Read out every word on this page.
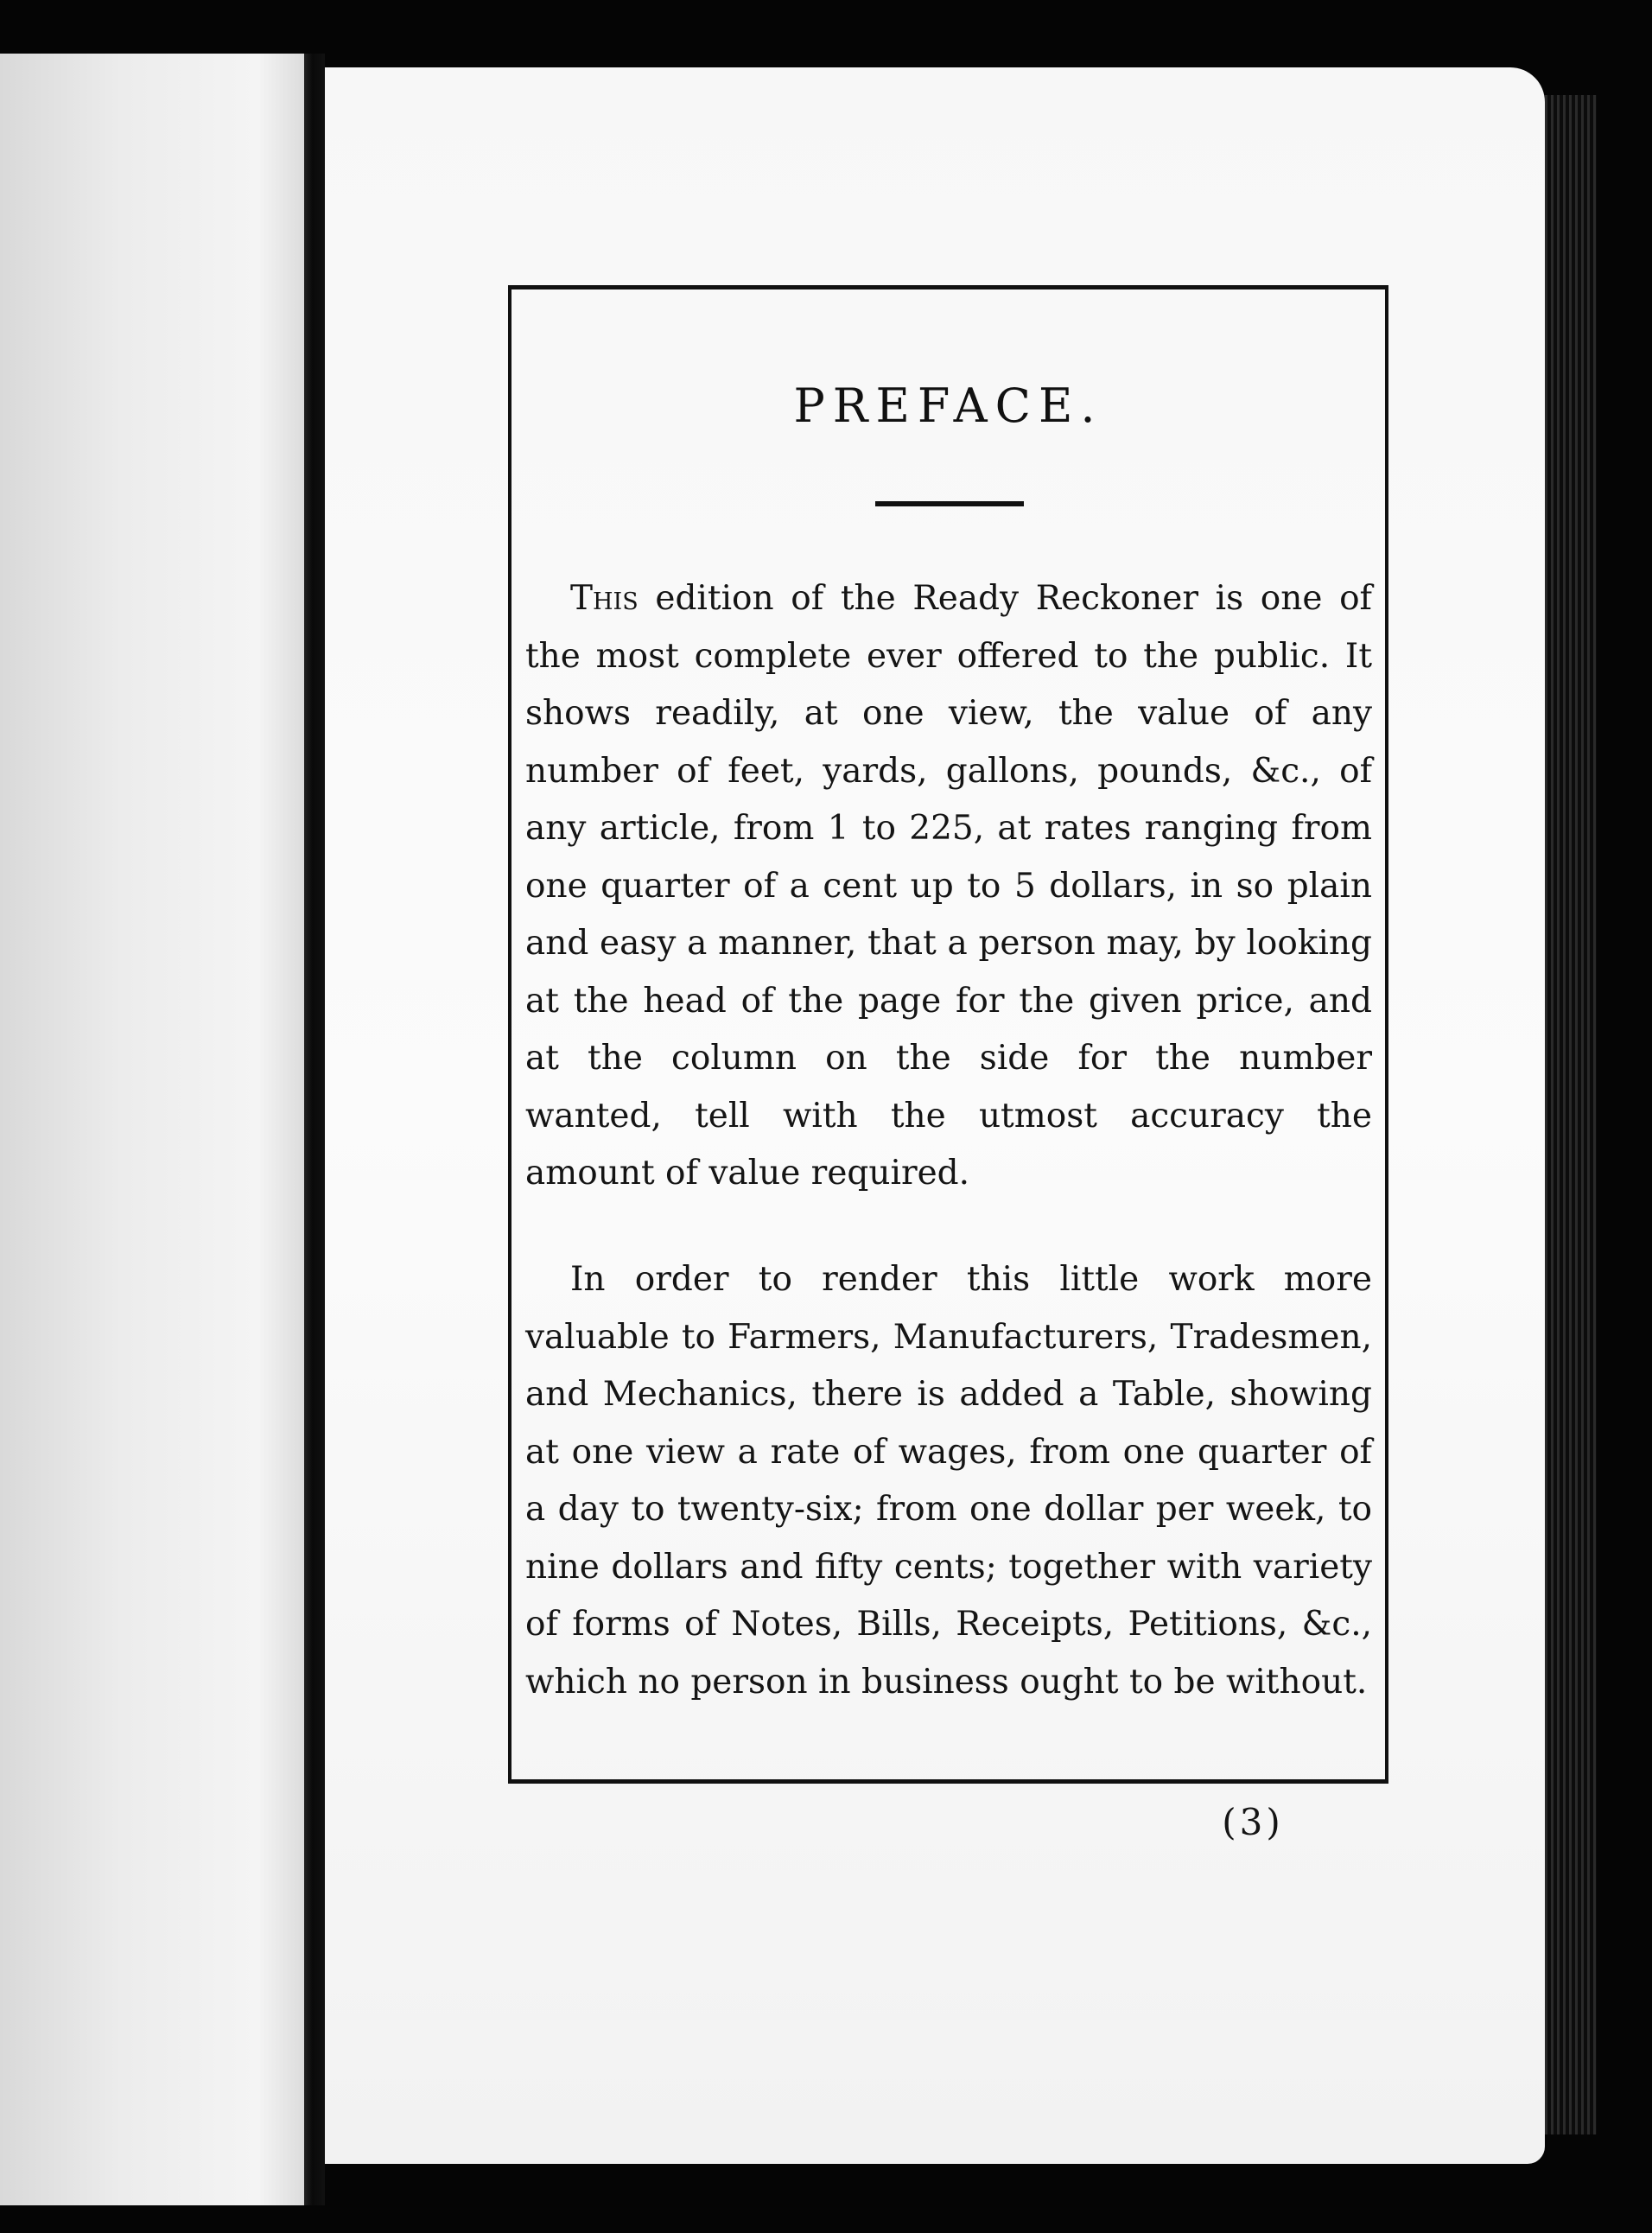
PREFACE.

This edition of the Ready Reckoner is one of the most complete ever offered to the public. It shows readily, at one view, the value of any number of feet, yards, gallons, pounds, &c., of any article, from 1 to 225, at rates ranging from one quarter of a cent up to 5 dollars, in so plain and easy a manner, that a person may, by looking at the head of the page for the given price, and at the column on the side for the number wanted, tell with the utmost accuracy the amount of value required.

In order to render this little work more valuable to Farmers, Manufacturers, Tradesmen, and Mechanics, there is added a Table, showing at one view a rate of wages, from one quarter of a day to twenty-six; from one dollar per week, to nine dollars and fifty cents; together with variety of forms of Notes, Bills, Receipts, Petitions, &c., which no person in business ought to be without.

(3)
